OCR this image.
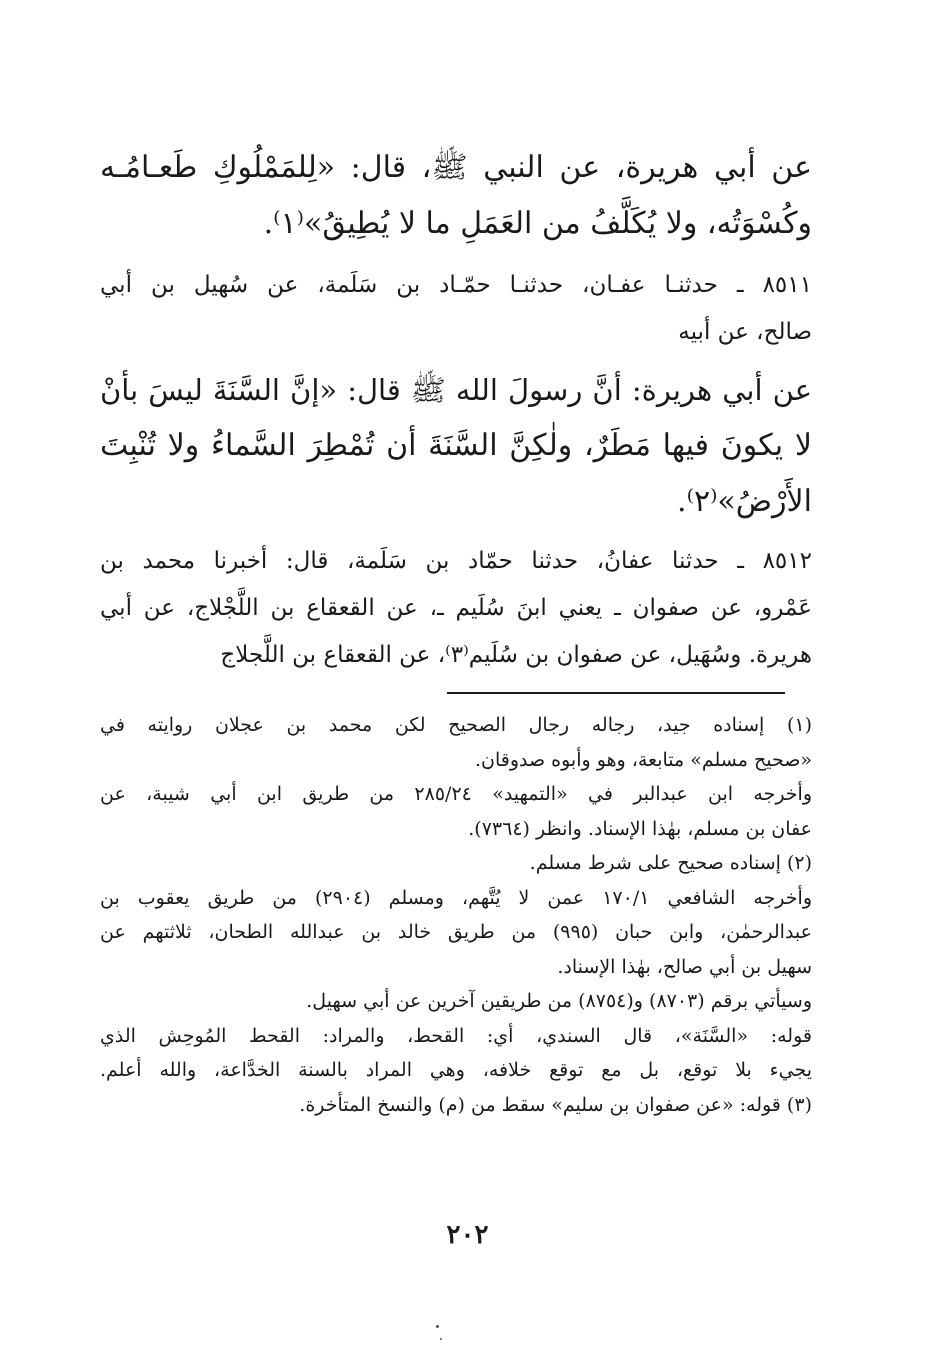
عن أبي هريرة، عن النبي ﷺ، قال: «لِلمَمْلُوكِ طَعـامُـه
وكُسْوَتُه، ولا يُكَلَّفُ من العَمَلِ ما لا يُطِيقُ»⁽١⁾.
٨٥١١ ـ حدثنـا عفـان، حدثنـا حمّـاد بن سَلَمة، عن سُهيل بن أبي
صالح، عن أبيه
عن أبي هريرة: أنَّ رسولَ الله ﷺ قال: «إنَّ السَّنَةَ ليسَ بأنْ
لا يكونَ فيها مَطَرٌ، ولٰكِنَّ السَّنَةَ أن تُمْطِرَ السَّماءُ ولا تُنْبِتَ
الأَرْضُ»⁽٢⁾.
٨٥١٢ ـ حدثنا عفانُ، حدثنا حمّاد بن سَلَمة، قال: أخبرنا محمد بن
عَمْرو، عن صفوان ـ يعني ابنَ سُلَيم ـ، عن القعقاع بن اللَّجْلاج، عن أبي
هريرة. وسُهَيل، عن صفوان بن سُلَيم⁽٣⁾، عن القعقاع بن اللَّجلاج
(١) إسناده جيد، رجاله رجال الصحيح لكن محمد بن عجلان روايته في
«صحيح مسلم» متابعة، وهو وأبوه صدوقان.
وأخرجه ابن عبدالبر في «التمهيد» ٢٨٥/٢٤ من طريق ابن أبي شيبة، عن
عفان بن مسلم، بهٰذا الإسناد. وانظر (٧٣٦٤).
(٢) إسناده صحيح على شرط مسلم.
وأخرجه الشافعي ١٧٠/١ عمن لا يُتَّهم، ومسلم (٢٩٠٤) من طريق يعقوب بن
عبدالرحمٰن، وابن حبان (٩٩٥) من طريق خالد بن عبدالله الطحان، ثلاثتهم عن
سهيل بن أبي صالح، بهٰذا الإسناد.
وسيأتي برقم (٨٧٠٣) و(٨٧٥٤) من طريقين آخرين عن أبي سهيل.
قوله: «السَّنَة»، قال السندي، أي: القحط، والمراد: القحط المُوحِش الذي
يجيء بلا توقع، بل مع توقع خلافه، وهي المراد بالسنة الخدَّاعة، والله أعلم.
(٣) قوله: «عن صفوان بن سليم» سقط من (م) والنسخ المتأخرة.
٢٠٢
